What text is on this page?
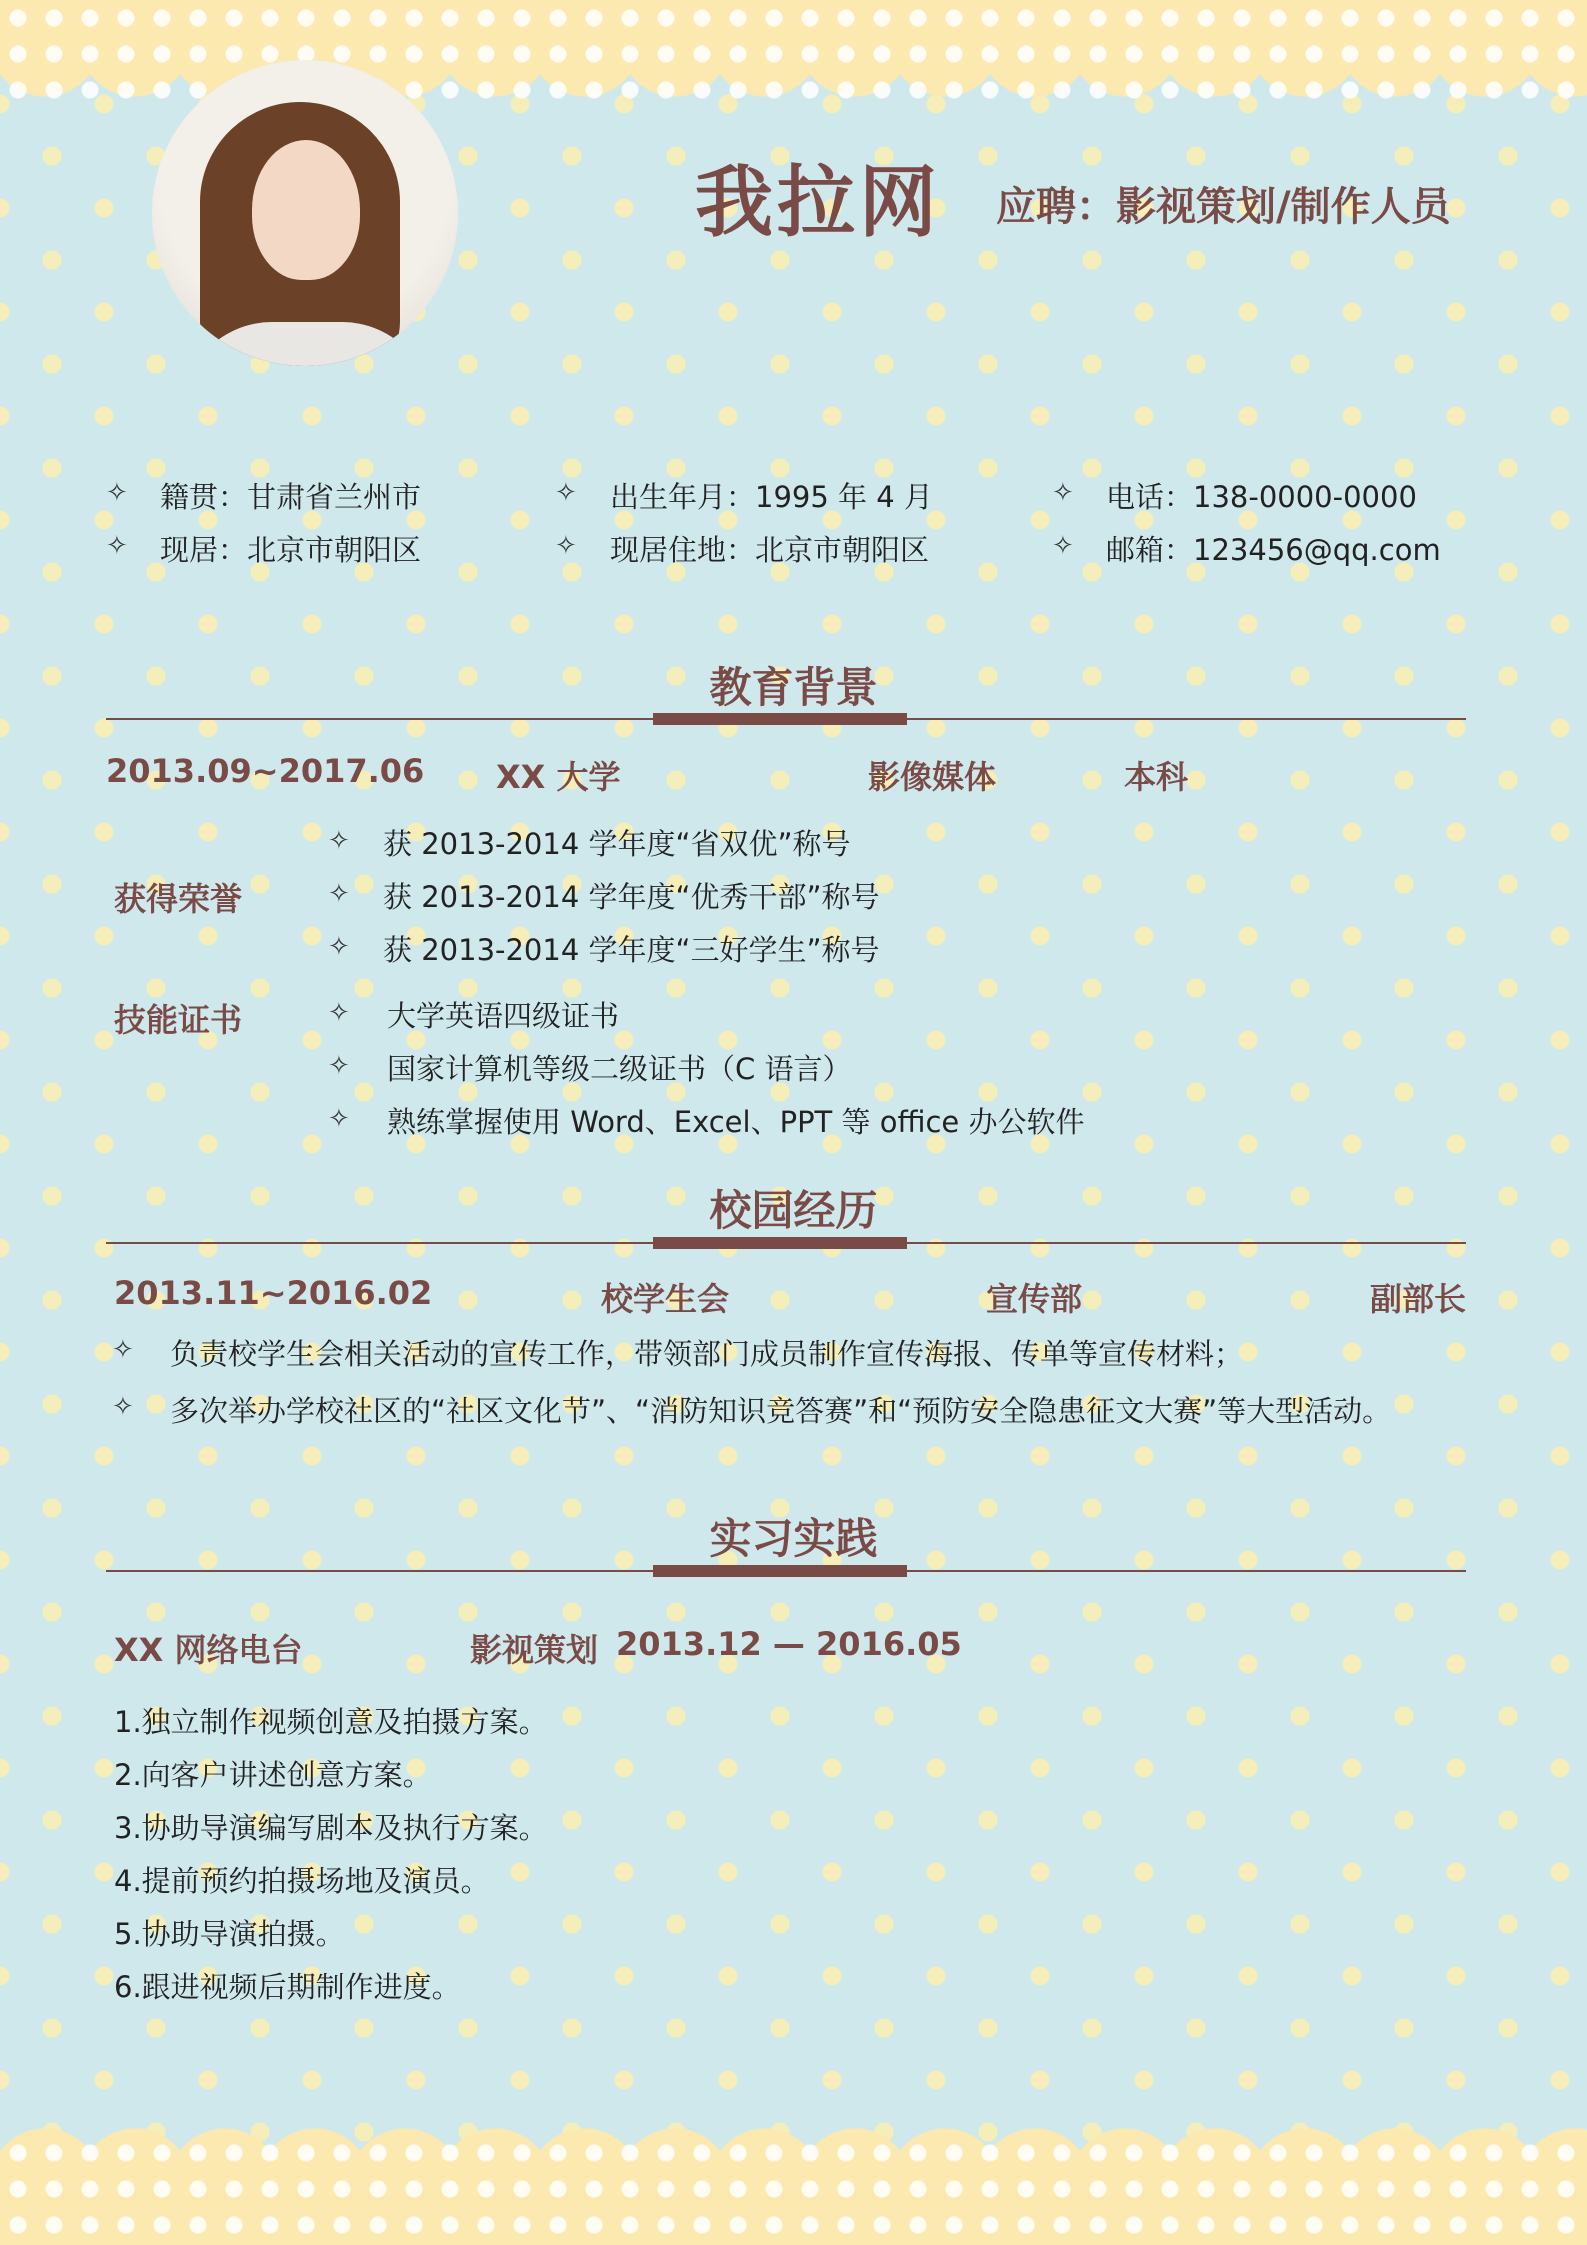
我拉网 应聘：影视策划/制作人员
✧ 籍贯：甘肃省兰州市	✧ 出生年月：1995 年 4 月	✧ 电话：138-0000-0000
✧ 现居：北京市朝阳区	✧ 现居住地：北京市朝阳区	✧ 邮箱：123456@qq.com
教育背景
2013.09~2017.06 XX 大学	影像媒体	本科
获得荣誉
✧ 获 2013-2014 学年度“省双优”称号
✧ 获 2013-2014 学年度“优秀干部”称号
✧ 获 2013-2014 学年度“三好学生”称号
技能证书	✧ 大学英语四级证书
✧ 国家计算机等级二级证书（C 语言）
✧ 熟练掌握使用 Word、Excel、PPT 等 office 办公软件
校园经历
2013.11~2016.02	校学生会	宣传部	副部长
✧ 负责校学生会相关活动的宣传工作，带领部门成员制作宣传海报、传单等宣传材料；
✧ 多次举办学校社区的“社区文化节”、“消防知识竞答赛”和“预防安全隐患征文大赛”等大型活动。
实习实践
XX 网络电台	影视策划 2013.12 — 2016.05
1.独立制作视频创意及拍摄方案。
2.向客户讲述创意方案。
3.协助导演编写剧本及执行方案。
4.提前预约拍摄场地及演员。
5.协助导演拍摄。
6.跟进视频后期制作进度。
